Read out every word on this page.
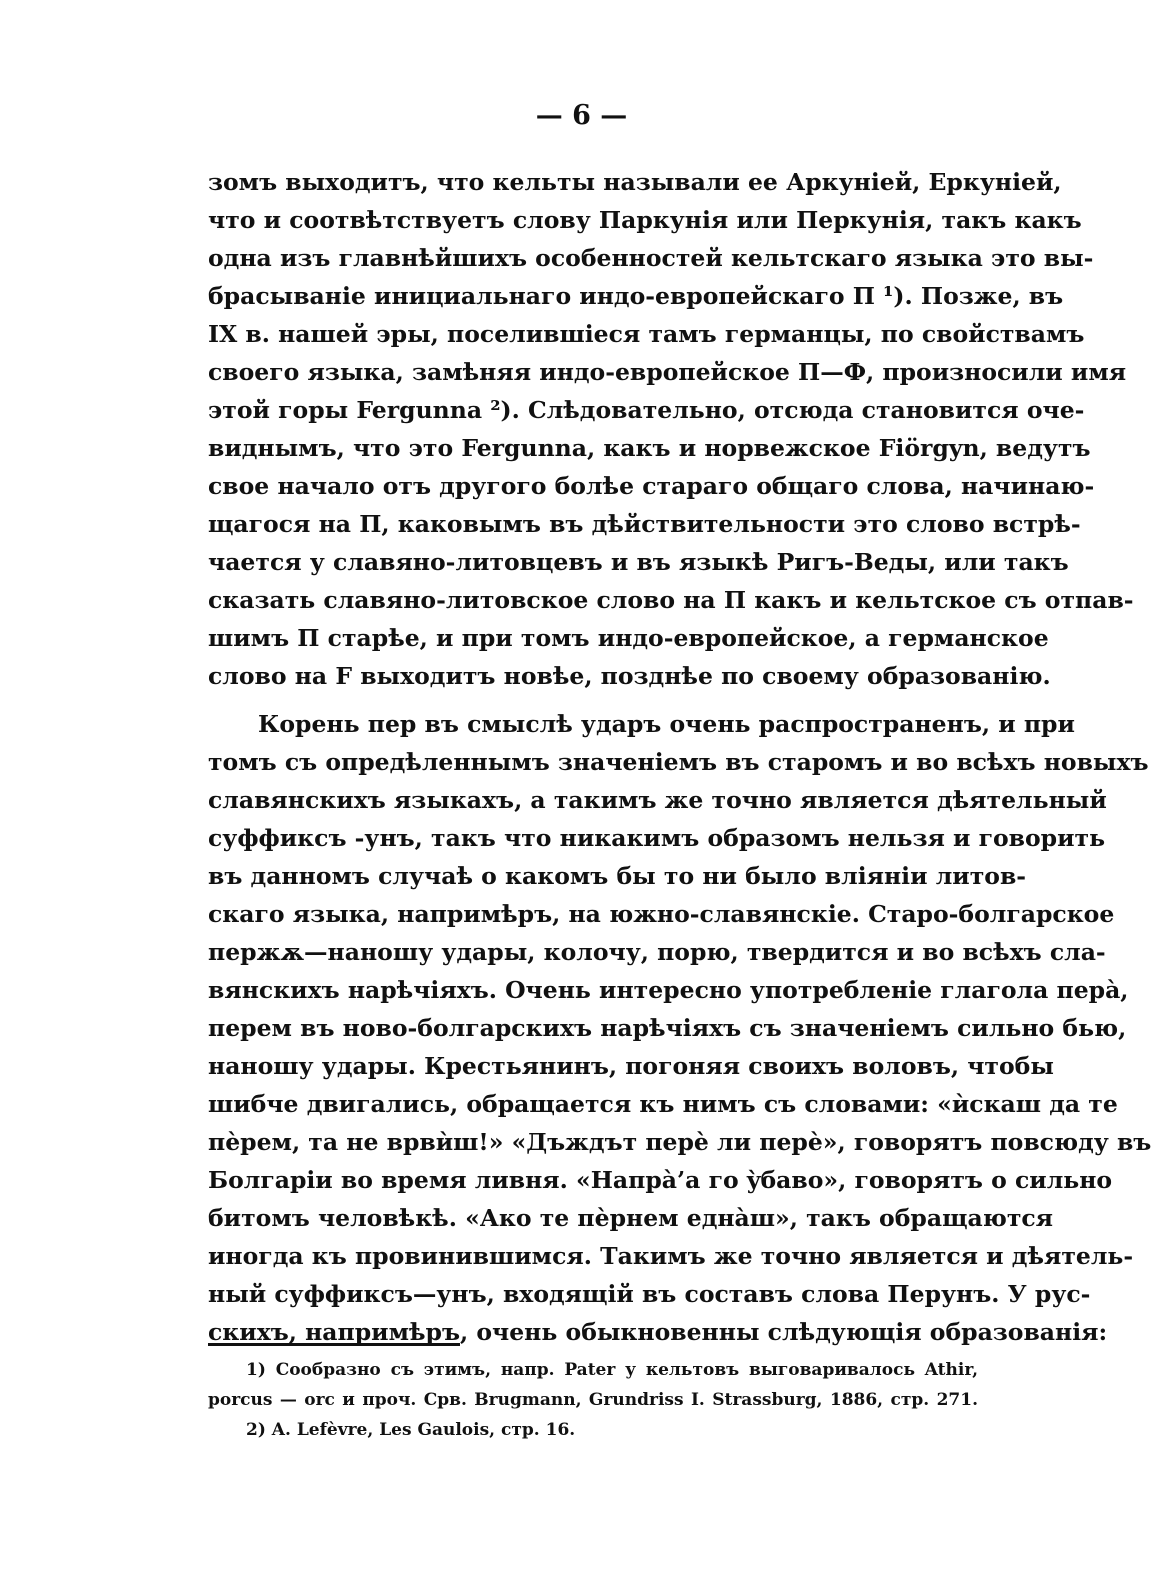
— 6 —
зомъ выходитъ, что кельты называли ее Аркуніей, Еркуніей,
что и соотвѣтствуетъ слову Паркунія или Перкунія, такъ какъ
одна изъ главнѣйшихъ особенностей кельтскаго языка это вы-
брасываніе инициальнаго индо-европейскаго П ¹). Позже, въ
IX в. нашей эры, поселившіеся тамъ германцы, по свойствамъ
своего языка, замѣняя индо-европейское П—Ф, произносили имя
этой горы Fergunna ²). Слѣдовательно, отсюда становится оче-
виднымъ, что это Fergunna, какъ и норвежское Fiörgyn, ведутъ
свое начало отъ другого болѣе стараго общаго слова, начинаю-
щагося на П, каковымъ въ дѣйствительности это слово встрѣ-
чается у славяно-литовцевъ и въ языкѣ Ригъ-Веды, или такъ
сказать славяно-литовское слово на П какъ и кельтское съ отпав-
шимъ П старѣе, и при томъ индо-европейское, а германское
слово на F выходитъ новѣе, позднѣе по своему образованію.
Корень пер въ смыслѣ ударъ очень распространенъ, и при
томъ съ опредѣленнымъ значеніемъ въ старомъ и во всѣхъ новыхъ
славянскихъ языкахъ, а такимъ же точно является дѣятельный
суффиксъ -унъ, такъ что никакимъ образомъ нельзя и говорить
въ данномъ случаѣ о какомъ бы то ни было вліяніи литов-
скаго языка, напримѣръ, на южно-славянскіе. Старо-болгарское
пержѫ—наношу удары, колочу, порю, твердится и во всѣхъ сла-
вянскихъ нарѣчіяхъ. Очень интересно употребленіе глагола перà,
перем въ ново-болгарскихъ нарѣчіяхъ съ значеніемъ сильно бью,
наношу удары. Крестьянинъ, погоняя своихъ воловъ, чтобы
шибче двигались, обращается къ нимъ съ словами: «ѝскаш да те
пѐрем, та не врвѝш!» «Дъждът перѐ ли перѐ», говорятъ повсюду въ
Болгаріи во время ливня. «Напрà’а го ỳбаво», говорятъ о сильно
битомъ человѣкѣ. «Ако те пѐрнем еднàш», такъ обращаются
иногда къ провинившимся. Такимъ же точно является и дѣятель-
ный суффиксъ—унъ, входящій въ составъ слова Перунъ. У рус-
скихъ, напримѣръ, очень обыкновенны слѣдующія образованія:
1) Сообразно съ этимъ, напр. Pater у кельтовъ выговаривалось Athir,
porcus — orc и проч. Срв. Brugmann, Grundriss I. Strassburg, 1886, стр. 271.
2) A. Lefèvre, Les Gaulois, стр. 16.
